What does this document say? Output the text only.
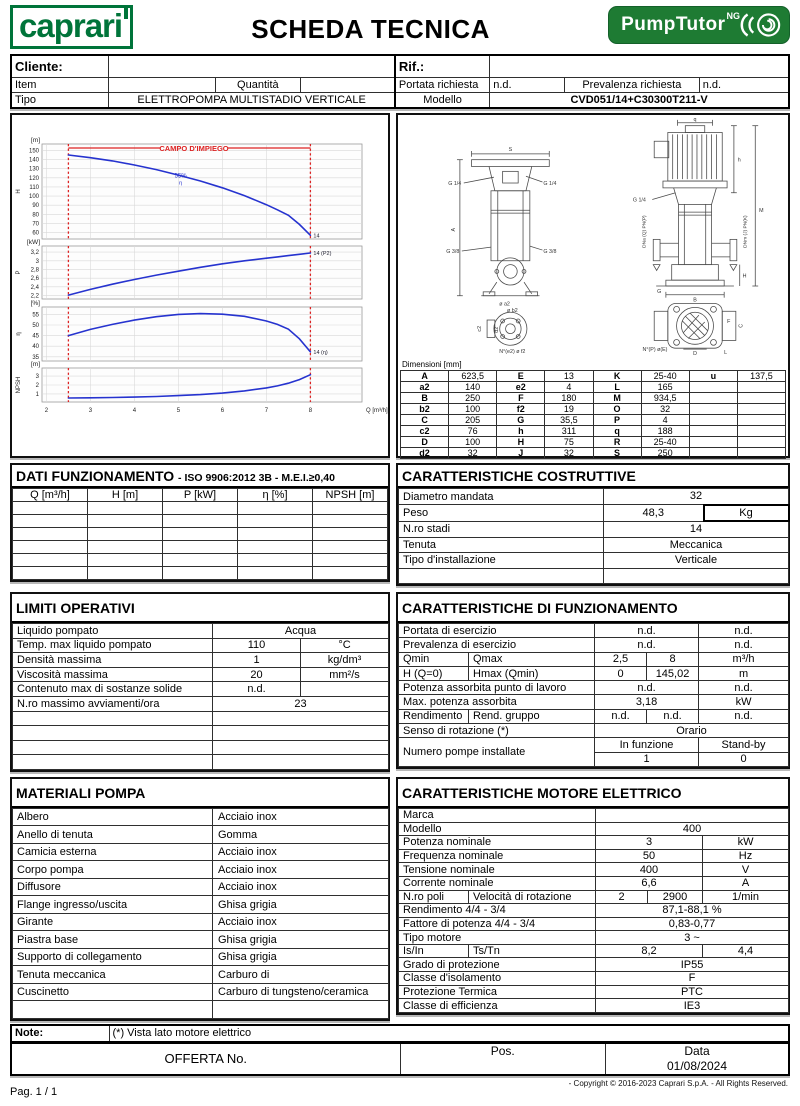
caprari	SCHEDA TECNICA	PumpTutor NG
Cliente:				Rif.:			
Item		Quantità		Portata richiesta	n.d.	Prevalenza richiesta	n.d.
Tipo	ELETTROPOMPA MULTISTADIO VERTICALE			Modello	CVD051/14+C30300T211-V		
60
70
80
90
100
110
120
130
140
150
[m]
H
14
2,2
2,4
2,6
2,8
3
3,2
[kW]
P
14 (P2)
35
40
45
50
55
[%]
η
14 (η)
1
2
3
[m]
NPSH
2	3	4	5	6	7	8	Q [m³/h]
CAMPO D'IMPIEGO
55%
η
S
G 1/4	G 1/4
G 3/8	G 3/8
A
ø a2
ø b2
c2 d2
N°(e2) ø f2
q
h
M
G 1/4
DNa (Q) PN(P)	DNm (J) PN(K)
H
G
B
N°(P) ø(E)
D	L
C
F
Dimensioni [mm]
A	623,5	E	13	K	25-40	u	137,5
a2	140	e2	4	L	165		
B	250	F	180	M	934,5		
b2	100	f2	19	O	32		
C	205	G	35,5	P	4		
c2	76	h	311	q	188		
D	100	H	75	R	25-40		
d2	32	J	32	S	250		
DATI FUNZIONAMENTO - ISO 9906:2012 3B - M.E.I.≥0,40
Q [m³/h]	H [m]	P [kW]	η [%]	NPSH [m]

CARATTERISTICHE COSTRUTTIVE
Diametro mandata	32	
Peso	48,3	Kg
N.ro stadi	14	
Tenuta	Meccanica	
Tipo d'installazione	Verticale	

LIMITI OPERATIVI
Liquido pompato	Acqua	
Temp. max liquido pompato	110	°C
Densità massima	1	kg/dm³
Viscosità massima	20	mm²/s
Contenuto max di sostanze solide	n.d.	
N.ro massimo avviamenti/ora	23	

CARATTERISTICHE DI FUNZIONAMENTO
Portata di esercizio		n.d.		n.d.
Prevalenza di esercizio		n.d.		n.d.
Qmin	Qmax	2,5	8	m³/h
H (Q=0)	Hmax (Qmin)	0	145,02	m
Potenza assorbita punto di lavoro		n.d.		n.d.
Max. potenza assorbita		3,18		kW
Rendimento	Rend. gruppo	n.d.	n.d.	n.d.
Senso di rotazione (*)		Orario		
Numero pompe installate		In funzione		Stand-by
		1		0
MATERIALI POMPA
Albero	Acciaio inox
Anello di tenuta	Gomma
Camicia esterna	Acciaio inox
Corpo pompa	Acciaio inox
Diffusore	Acciaio inox
Flange ingresso/uscita	Ghisa grigia
Girante	Acciaio inox
Piastra base	Ghisa grigia
Supporto di collegamento	Ghisa grigia
Tenuta meccanica	Carburo di
Cuscinetto	Carburo di tungsteno/ceramica

CARATTERISTICHE MOTORE ELETTRICO
Marca				
Modello		400		
Potenza nominale		3		kW
Frequenza nominale		50		Hz
Tensione nominale		400		V
Corrente nominale		6,6		A
N.ro poli	Velocità di rotazione	2	2900	1/min
Rendimento 4/4 - 3/4		87,1-88,1 %		
Fattore di potenza 4/4 - 3/4		0,83-0,77		
Tipo motore		3 ~		
Is/In	Ts/Tn	8,2		4,4
Grado di protezione		IP55		
Classe d'isolamento		F		
Protezione Termica		PTC		
Classe di efficienza		IE3		
Note:	(*) Vista lato motore elettrico
OFFERTA No.	Pos.	Data
01/08/2024
- Copyright © 2016-2023 Caprari S.p.A. - All Rights Reserved.
Pag. 1 / 1
